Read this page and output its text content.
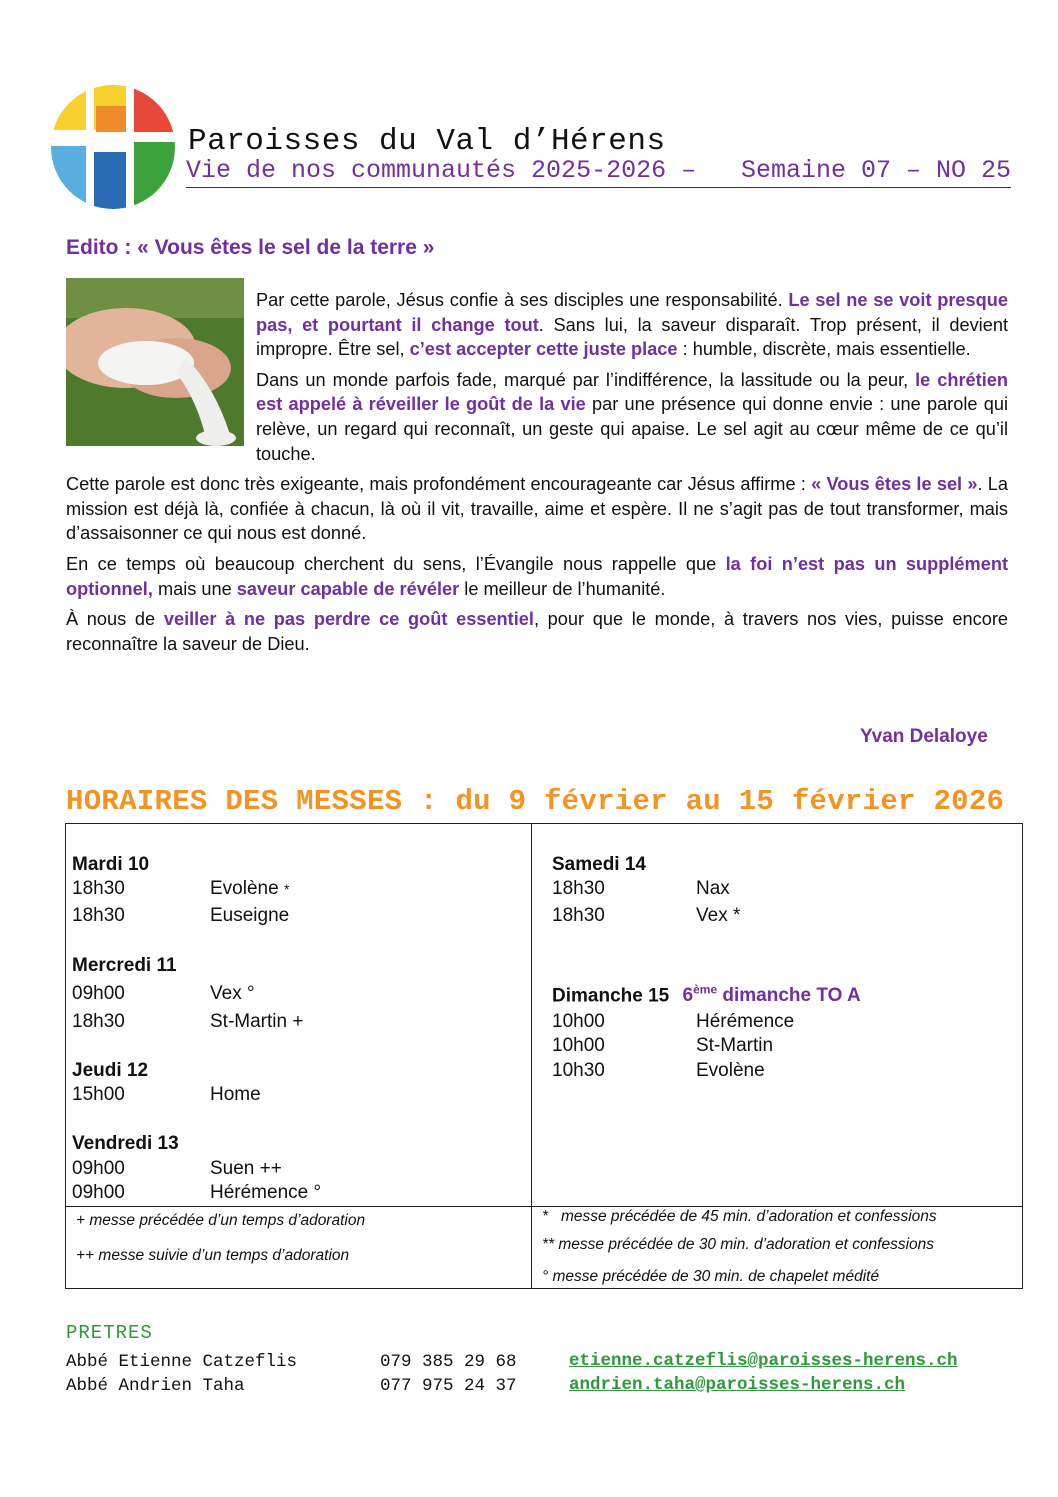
Paroisses du Val d’Hérens
Vie de nos communautés 2025-2026 – Semaine 07 – NO 25
Edito : « Vous êtes le sel de la terre »

Par cette parole, Jésus confie à ses disciples une responsabilité. Le sel ne se voit presque pas, et pourtant il change tout. Sans lui, la saveur disparaît. Trop présent, il devient impropre. Être sel, c’est accepter cette juste place : humble, discrète, mais essentielle.

Dans un monde parfois fade, marqué par l’indifférence, la lassitude ou la peur, le chrétien est appelé à réveiller le goût de la vie par une présence qui donne envie : une parole qui relève, un regard qui reconnaît, un geste qui apaise. Le sel agit au cœur même de ce qu’il touche.

Cette parole est donc très exigeante, mais profondément encourageante car Jésus affirme : « Vous êtes le sel ». La mission est déjà là, confiée à chacun, là où il vit, travaille, aime et espère. Il ne s’agit pas de tout transformer, mais d’assaisonner ce qui nous est donné.

En ce temps où beaucoup cherchent du sens, l’Évangile nous rappelle que la foi n’est pas un supplément optionnel, mais une saveur capable de révéler le meilleur de l’humanité.

À nous de veiller à ne pas perdre ce goût essentiel, pour que le monde, à travers nos vies, puisse encore reconnaître la saveur de Dieu.

Yvan Delaloye
HORAIRES DES MESSES : du 9 février au 15 février 2026
Mardi 10
18h30	Evolène *
18h30	Euseigne
Mercredi 11
09h00	Vex °
18h30	St-Martin +
Jeudi 12
15h00	Home
Vendredi 13
09h00	Suen ++
09h00	Hérémence °
Samedi 14
18h30	Nax
18h30	Vex *
Dimanche 15 6ème dimanche TO A
10h00	Hérémence
10h00	St-Martin
10h30	Evolène
+ messe précédée d’un temps d’adoration
++ messe suivie d’un temps d’adoration
*   messe précédée de 45 min. d’adoration et confessions
** messe précédée de 30 min. d’adoration et confessions
° messe précédée de 30 min. de chapelet médité
PRETRES
Abbé Etienne Catzeflis	079 385 29 68	etienne.catzeflis@paroisses-herens.ch
Abbé Andrien Taha	077 975 24 37	andrien.taha@paroisses-herens.ch
